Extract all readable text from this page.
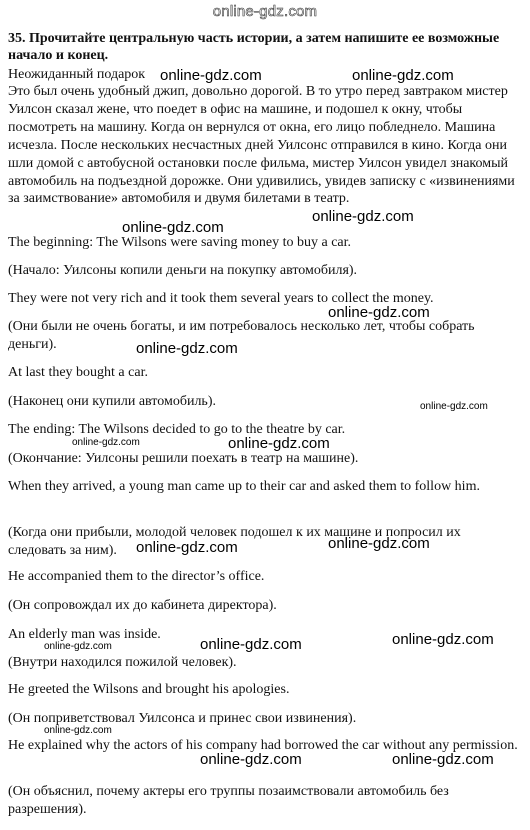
online-gdz.com
35. Прочитайте центральную часть истории, а затем напишите ее возможные начало и конец.
Неожиданный подарок
Это был очень удобный джип, довольно дорогой. В то утро перед завтраком мистер Уилсон сказал жене, что поедет в офис на машине, и подошел к окну, чтобы посмотреть на машину. Когда он вернулся от окна, его лицо побледнело. Машина исчезла. После нескольких несчастных дней Уилсонс отправился в кино. Когда они шли домой с автобусной остановки после фильма, мистер Уилсон увидел знакомый автомобиль на подъездной дорожке. Они удивились, увидев записку с «извинениями за заимствование» автомобиля и двумя билетами в театр.
The beginning: The Wilsons were saving money to buy a car.
(Начало: Уилсоны копили деньги на покупку автомобиля).
They were not very rich and it took them several years to collect the money.
(Они были не очень богаты, и им потребовалось несколько лет, чтобы собрать деньги).
At last they bought a car.
(Наконец они купили автомобиль).
The ending: The Wilsons decided to go to the theatre by car.
(Окончание: Уилсоны решили поехать в театр на машине).
When they arrived, a young man came up to their car and asked them to follow him.
(Когда они прибыли, молодой человек подошел к их машине и попросил их следовать за ним).
He accompanied them to the director’s office.
(Он сопровождал их до кабинета директора).
An elderly man was inside.
(Внутри находился пожилой человек).
He greeted the Wilsons and brought his apologies.
(Он поприветствовал Уилсонса и принес свои извинения).
He explained why the actors of his company had borrowed the car without any permission.
(Он объяснил, почему актеры его труппы позаимствовали автомобиль без разрешения).
online-gdz.com	online-gdz.com
online-gdz.com
online-gdz.com
online-gdz.com
online-gdz.com
online-gdz.com
online-gdz.com	online-gdz.com
online-gdz.com
online-gdz.com
online-gdz.com	online-gdz.com
online-gdz.com
online-gdz.com
online-gdz.com	online-gdz.com
